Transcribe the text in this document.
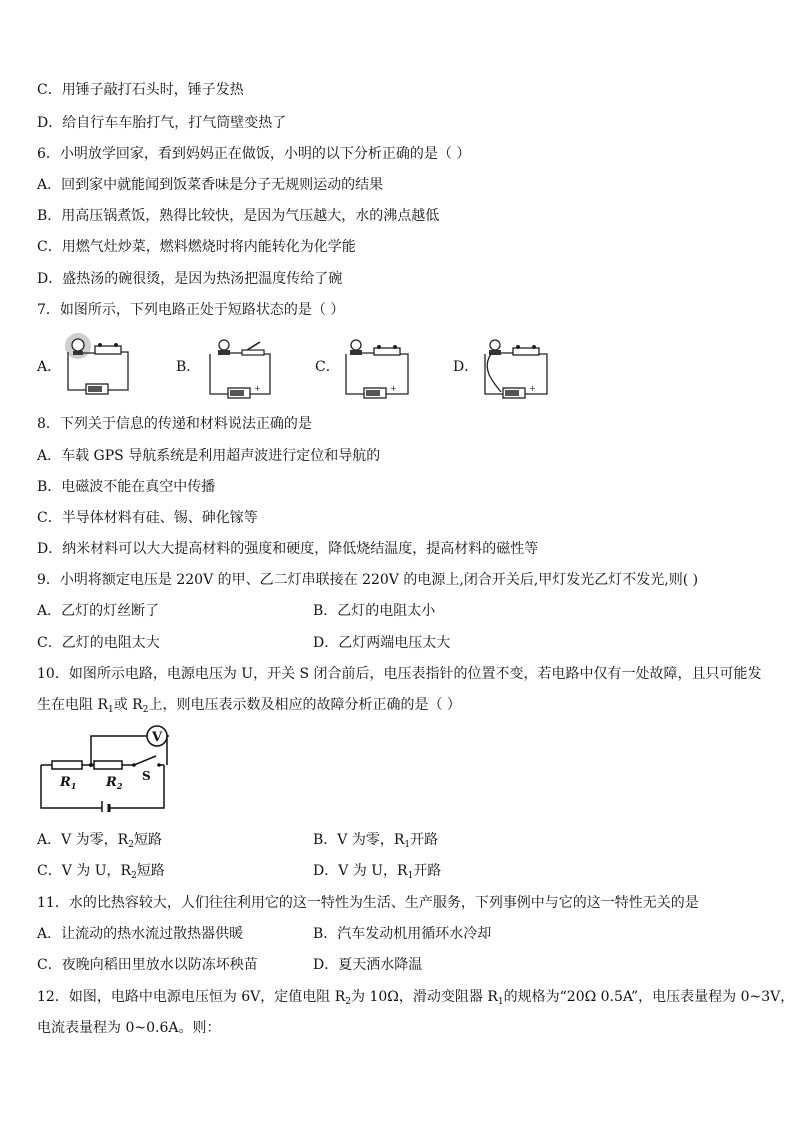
C．用锤子敲打石头时，锤子发热
D．给自行车车胎打气，打气筒壁变热了
6．小明放学回家，看到妈妈正在做饭，小明的以下分析正确的是（ ）
A．回到家中就能闻到饭菜香味是分子无规则运动的结果
B．用高压锅煮饭，熟得比较快，是因为气压越大，水的沸点越低
C．用燃气灶炒菜，燃料燃烧时将内能转化为化学能
D．盛热汤的碗很烫，是因为热汤把温度传给了碗
7．如图所示，下列电路正处于短路状态的是（ ）
A．	B．	C．	D．
+	+	+
8．下列关于信息的传递和材料说法正确的是
A．车载 GPS 导航系统是利用超声波进行定位和导航的
B．电磁波不能在真空中传播
C．半导体材料有硅、锡、砷化镓等
D．纳米材料可以大大提高材料的强度和硬度，降低烧结温度，提高材料的磁性等
9．小明将额定电压是 220V 的甲、乙二灯串联接在 220V 的电源上,闭合开关后,甲灯发光乙灯不发光,则( )
A．乙灯的灯丝断了	B．乙灯的电阻太小
C．乙灯的电阻太大	D．乙灯两端电压太大
10．如图所示电路，电源电压为 U，开关 S 闭合前后，电压表指针的位置不变，若电路中仅有一处故障，且只可能发
生在电阻 $R_1$或 $R_2$上，则电压表示数及相应的故障分析正确的是（ ）
V
$R_1$ $R_2$
S
A．V 为零，$R_2$短路	B．V 为零，$R_1$开路
C．V 为 U，$R_2$短路	D．V 为 U，$R_1$开路
11．水的比热容较大，人们往往利用它的这一特性为生活、生产服务，下列事例中与它的这一特性无关的是
A．让流动的热水流过散热器供暖	B．汽车发动机用循环水冷却
C．夜晚向稻田里放水以防冻坏秧苗	D．夏天洒水降温
12．如图，电路中电源电压恒为 6V，定值电阻 $R_2$为 10Ω，滑动变阻器 $R_1$的规格为“20Ω 0.5A”，电压表量程为 0~3V，
电流表量程为 0~0.6A。则：
